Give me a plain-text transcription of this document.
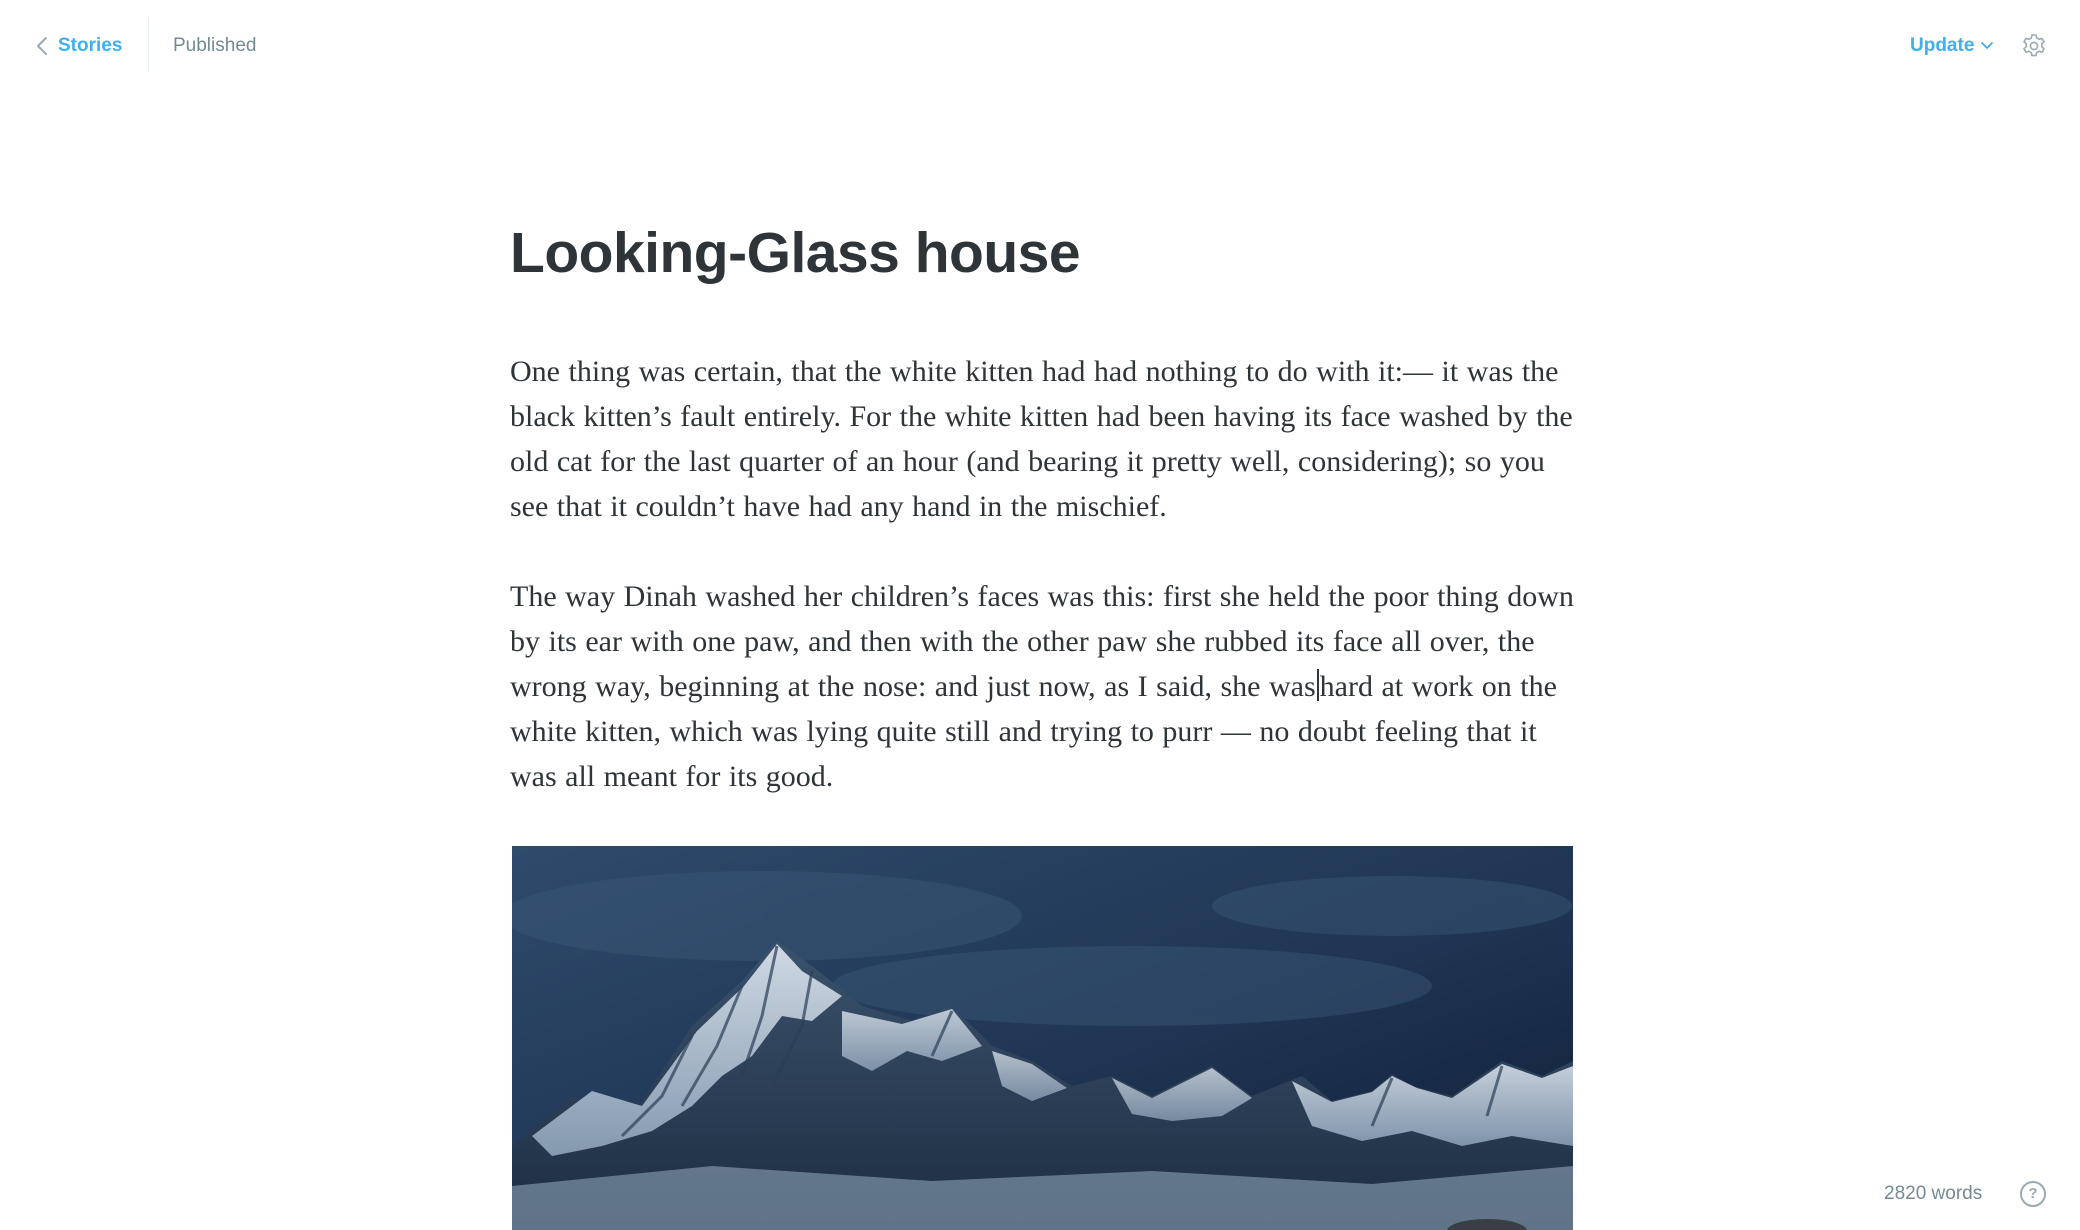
Stories	Published	Update
Looking-Glass house

One thing was certain, that the white kitten had had nothing to do with it:— it was the black kitten’s fault entirely. For the white kitten had been having its face washed by the old cat for the last quarter of an hour (and bearing it pretty well, considering); so you see that it couldn’t have had any hand in the mischief.

The way Dinah washed her children’s faces was this: first she held the poor thing down by its ear with one paw, and then with the other paw she rubbed its face all over, the wrong way, beginning at the nose: and just now, as I said, she was hard at work on the white kitten, which was lying quite still and trying to purr — no doubt feeling that it was all meant for its good.

2820 words	?
